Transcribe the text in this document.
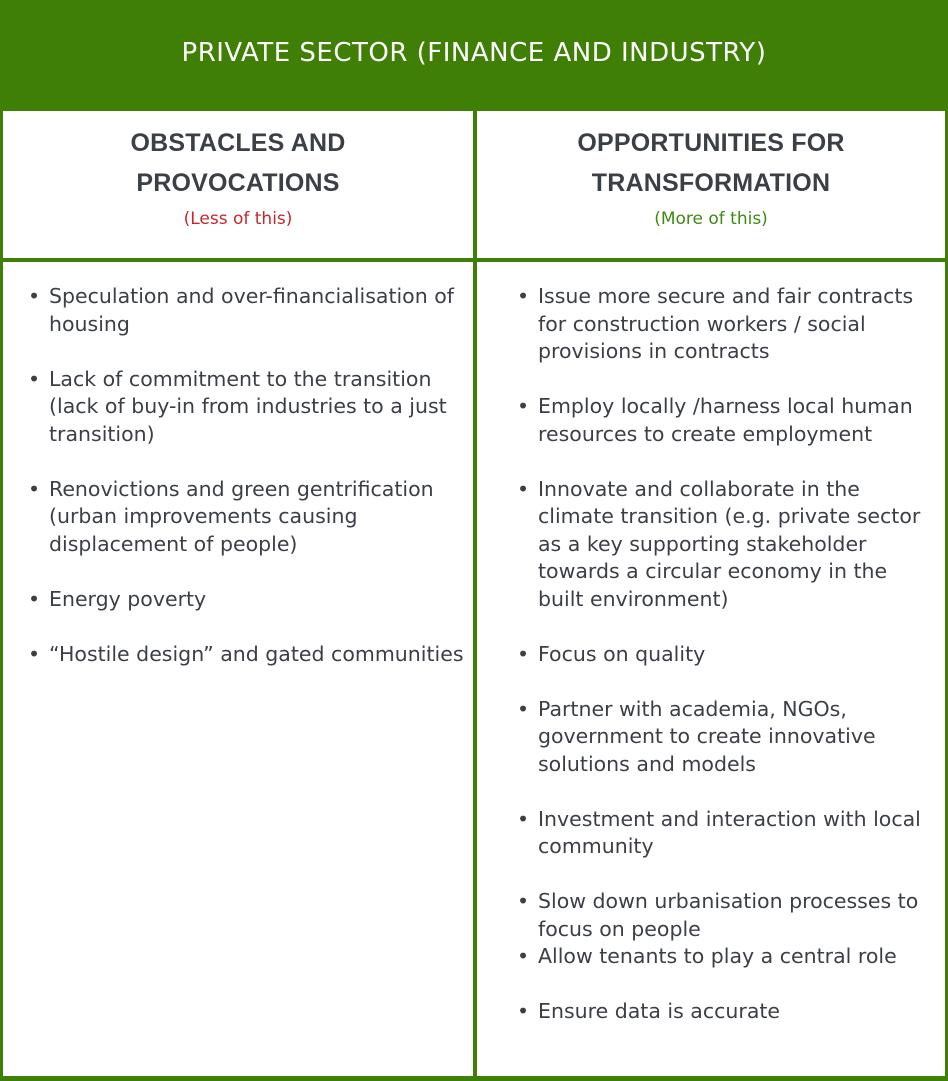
PRIVATE SECTOR (FINANCE AND INDUSTRY)
OBSTACLES AND
PROVOCATIONS
(Less of this)
OPPORTUNITIES FOR
TRANSFORMATION
(More of this)
• Speculation and over-financialisation of housing
• Lack of commitment to the transition (lack of buy-in from industries to a just transition)
• Renovictions and green gentrification (urban improvements causing displacement of people)
• Energy poverty
• “Hostile design” and gated communities
• Issue more secure and fair contracts for construction workers / social provisions in contracts
• Employ locally /harness local human resources to create employment
• Innovate and collaborate in the climate transition (e.g. private sector as a key supporting stakeholder towards a circular economy in the built environment)
• Focus on quality
• Partner with academia, NGOs, government to create innovative solutions and models
• Investment and interaction with local community
• Slow down urbanisation processes to focus on people
• Allow tenants to play a central role
• Ensure data is accurate
